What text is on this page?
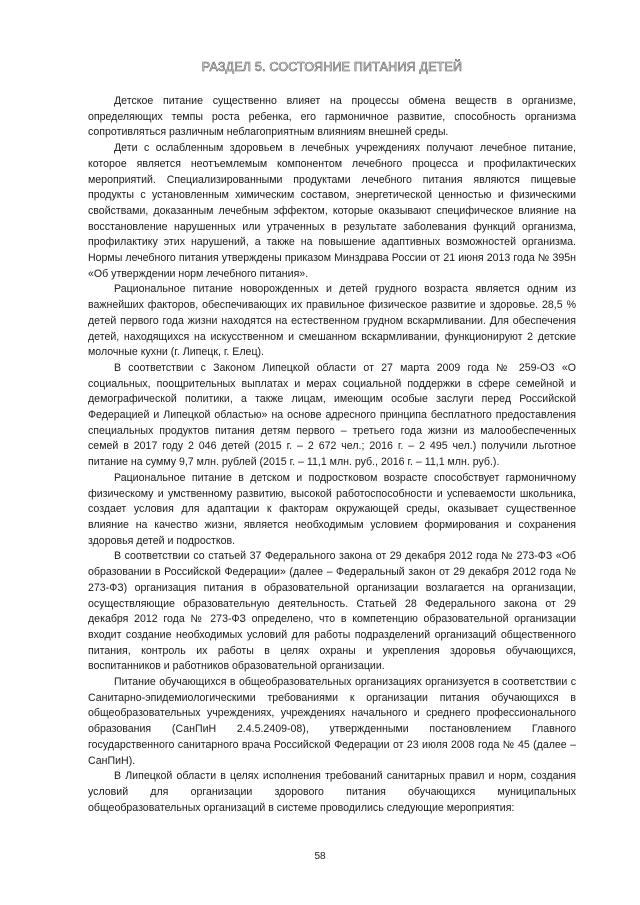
РАЗДЕЛ 5. СОСТОЯНИЕ ПИТАНИЯ ДЕТЕЙ

Детское питание существенно влияет на процессы обмена веществ в организме, определяющих темпы роста ребенка, его гармоничное развитие, способность организма сопротивляться различным неблагоприятным влияниям внешней среды.

Дети с ослабленным здоровьем в лечебных учреждениях получают лечебное питание, которое является неотъемлемым компонентом лечебного процесса и профилактических мероприятий. Специализированными продуктами лечебного питания являются пищевые продукты с установленным химическим составом, энергетической ценностью и физическими свойствами, доказанным лечебным эффектом, которые оказывают специфическое влияние на восстановление нарушенных или утраченных в результате заболевания функций организма, профилактику этих нарушений, а также на повышение адаптивных возможностей организма. Нормы лечебного питания утверждены приказом Минздрава России от 21 июня 2013 года № 395н «Об утверждении норм лечебного питания».

Рациональное питание новорожденных и детей грудного возраста является одним из важнейших факторов, обеспечивающих их правильное физическое развитие и здоровье. 28,5 % детей первого года жизни находятся на естественном грудном вскармливании. Для обеспечения детей, находящихся на искусственном и смешанном вскармливании, функционируют 2 детские молочные кухни (г. Липецк, г. Елец).

В соответствии с Законом Липецкой области от 27 марта 2009 года № 259-ОЗ «О социальных, поощрительных выплатах и мерах социальной поддержки в сфере семейной и демографической политики, а также лицам, имеющим особые заслуги перед Российской Федерацией и Липецкой областью» на основе адресного принципа бесплатного предоставления специальных продуктов питания детям первого – третьего года жизни из малообеспеченных семей в 2017 году 2 046 детей (2015 г. – 2 672 чел.; 2016 г. – 2 495 чел.) получили льготное питание на сумму 9,7 млн. рублей (2015 г. – 11,1 млн. руб., 2016 г. – 11,1 млн. руб.).

Рациональное питание в детском и подростковом возрасте способствует гармоничному физическому и умственному развитию, высокой работоспособности и успеваемости школьника, создает условия для адаптации к факторам окружающей среды, оказывает существенное влияние на качество жизни, является необходимым условием формирования и сохранения здоровья детей и подростков.

В соответствии со статьей 37 Федерального закона от 29 декабря 2012 года № 273-ФЗ «Об образовании в Российской Федерации» (далее – Федеральный закон от 29 декабря 2012 года № 273-ФЗ) организация питания в образовательной организации возлагается на организации, осуществляющие образовательную деятельность. Статьей 28 Федерального закона от 29 декабря 2012 года № 273-ФЗ определено, что в компетенцию образовательной организации входит создание необходимых условий для работы подразделений организаций общественного питания, контроль их работы в целях охраны и укрепления здоровья обучающихся, воспитанников и работников образовательной организации.

Питание обучающихся в общеобразовательных организациях организуется в соответствии с Санитарно-эпидемиологическими требованиями к организации питания обучающихся в общеобразовательных учреждениях, учреждениях начального и среднего профессионального образования (СанПиН 2.4.5.2409-08), утвержденными постановлением Главного государственного санитарного врача Российской Федерации от 23 июля 2008 года № 45 (далее – СанПиН).

В Липецкой области в целях исполнения требований санитарных правил и норм, создания условий для организации здорового питания обучающихся муниципальных общеобразовательных организаций в системе проводились следующие мероприятия:

58
